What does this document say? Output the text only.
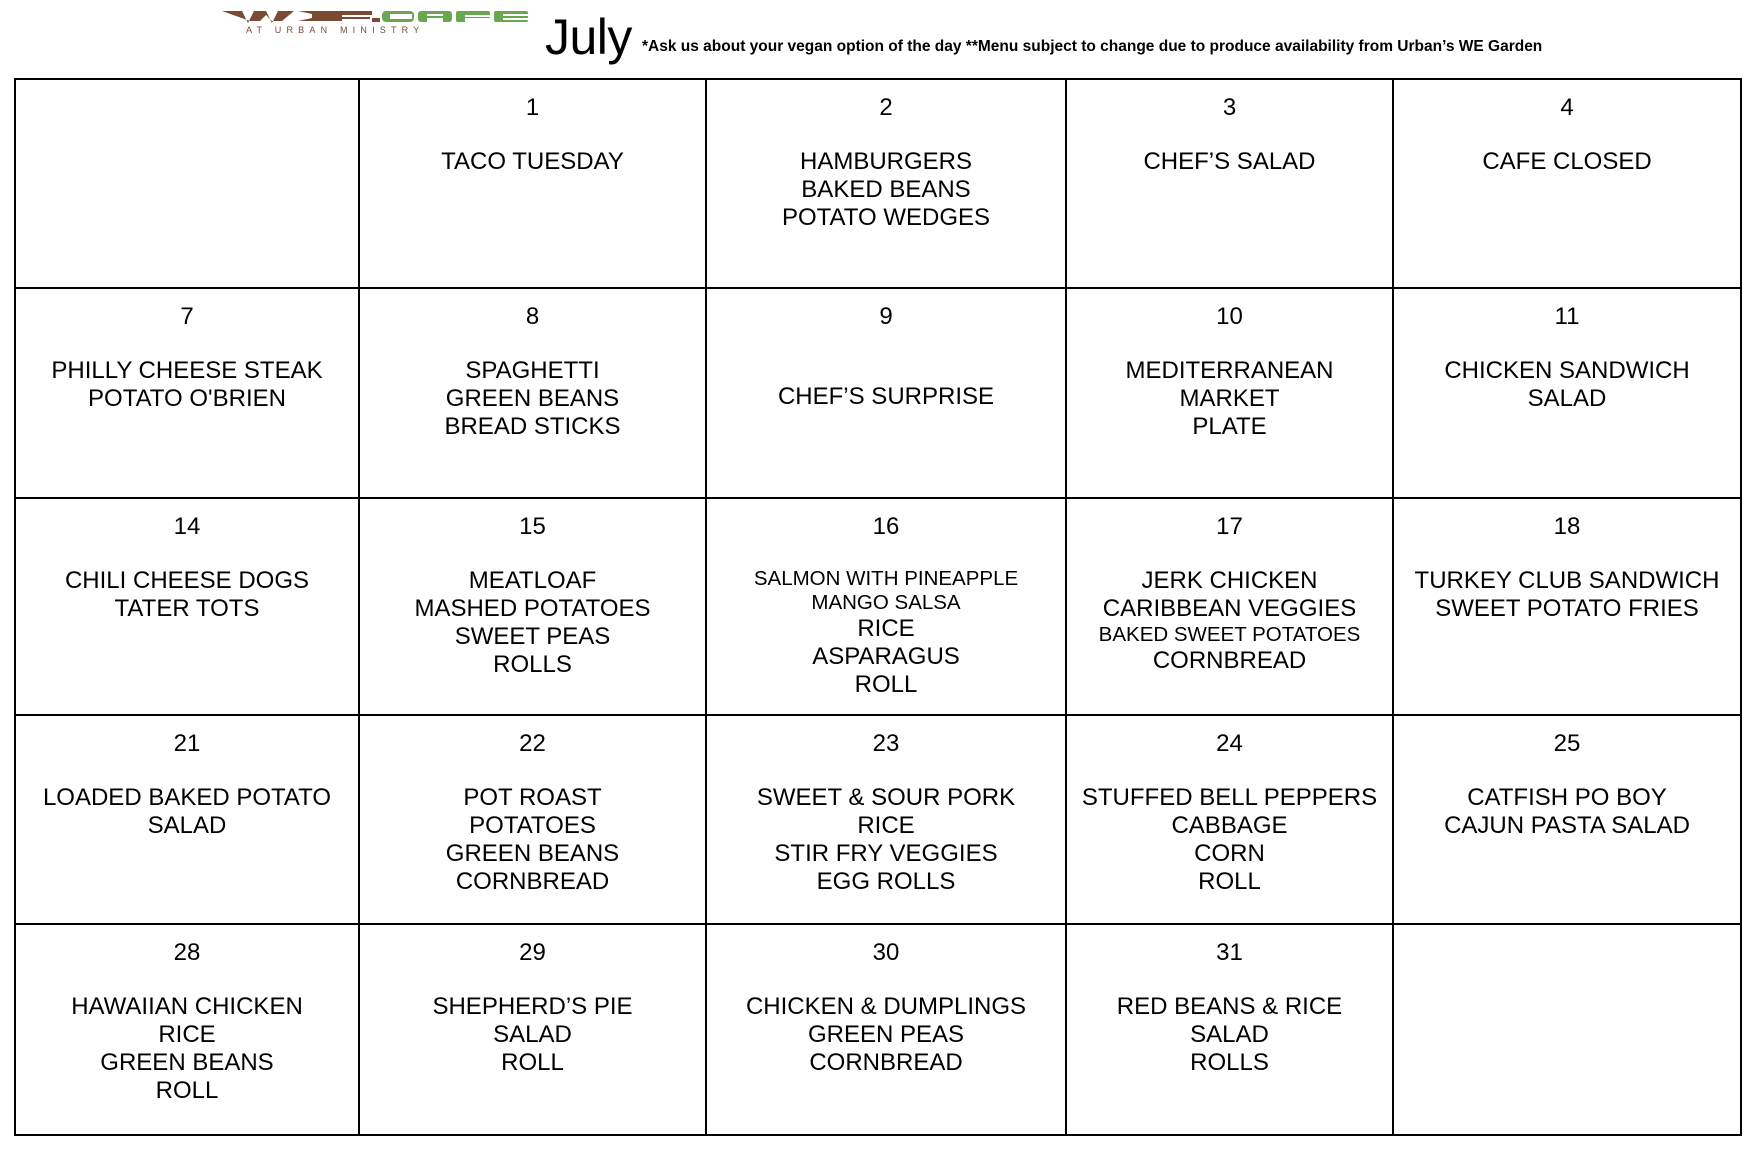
AT URBAN MINISTRY July *Ask us about your vegan option of the day **Menu subject to change due to produce availability from Urban’s WE Garden
1
TACO TUESDAY
2
HAMBURGERS
BAKED BEANS
POTATO WEDGES
3
CHEF’S SALAD
4
CAFE CLOSED
7
PHILLY CHEESE STEAK
POTATO O'BRIEN
8
SPAGHETTI
GREEN BEANS
BREAD STICKS
9
CHEF’S SURPRISE
10
MEDITERRANEAN
MARKET
PLATE
11
CHICKEN SANDWICH
SALAD
14
CHILI CHEESE DOGS
TATER TOTS
15
MEATLOAF
MASHED POTATOES
SWEET PEAS
ROLLS
16
SALMON WITH PINEAPPLE
MANGO SALSA
RICE
ASPARAGUS
ROLL
17
JERK CHICKEN
CARIBBEAN VEGGIES
BAKED SWEET POTATOES
CORNBREAD
18
TURKEY CLUB SANDWICH
SWEET POTATO FRIES
21
LOADED BAKED POTATO
SALAD
22
POT ROAST
POTATOES
GREEN BEANS
CORNBREAD
23
SWEET & SOUR PORK
RICE
STIR FRY VEGGIES
EGG ROLLS
24
STUFFED BELL PEPPERS
CABBAGE
CORN
ROLL
25
CATFISH PO BOY
CAJUN PASTA SALAD
28
HAWAIIAN CHICKEN
RICE
GREEN BEANS
ROLL
29
SHEPHERD’S PIE
SALAD
ROLL
30
CHICKEN & DUMPLINGS
GREEN PEAS
CORNBREAD
31
RED BEANS & RICE
SALAD
ROLLS
